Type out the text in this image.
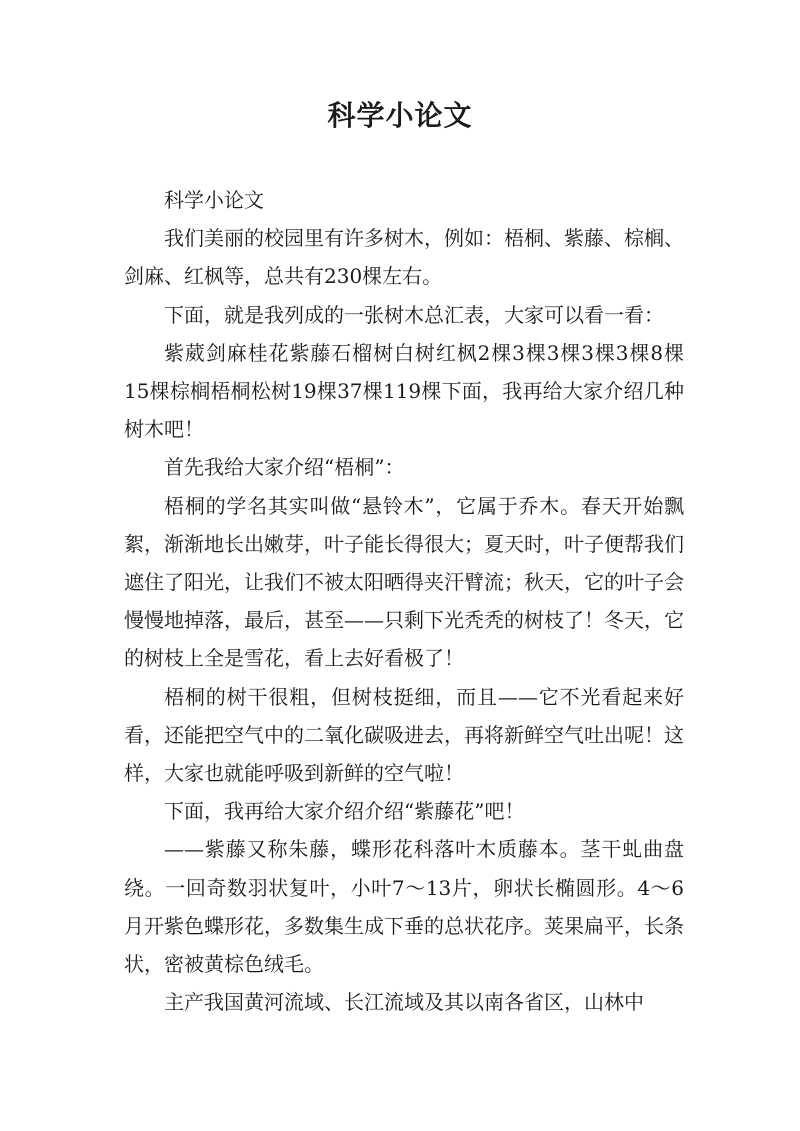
科学小论文

科学小论文

我们美丽的校园里有许多树木，例如：梧桐、紫藤、棕榈、剑麻、红枫等，总共有230棵左右。

下面，就是我列成的一张树木总汇表，大家可以看一看：

紫葳剑麻桂花紫藤石榴树白树红枫2棵3棵3棵3棵3棵8棵15棵棕榈梧桐松树19棵37棵119棵下面，我再给大家介绍几种树木吧！

首先我给大家介绍“梧桐”：

梧桐的学名其实叫做“悬铃木”，它属于乔木。春天开始飘絮，渐渐地长出嫩芽，叶子能长得很大；夏天时，叶子便帮我们遮住了阳光，让我们不被太阳晒得夹汗臂流；秋天，它的叶子会慢慢地掉落，最后，甚至——只剩下光秃秃的树枝了！冬天，它的树枝上全是雪花，看上去好看极了！

梧桐的树干很粗，但树枝挺细，而且——它不光看起来好看，还能把空气中的二氧化碳吸进去，再将新鲜空气吐出呢！这样，大家也就能呼吸到新鲜的空气啦！

下面，我再给大家介绍介绍“紫藤花”吧！

——紫藤又称朱藤，蝶形花科落叶木质藤本。茎干虬曲盘绕。一回奇数羽状复叶，小叶7～13片，卵状长椭圆形。4～6月开紫色蝶形花，多数集生成下垂的总状花序。荚果扁平，长条状，密被黄棕色绒毛。

主产我国黄河流域、长江流域及其以南各省区，山林中
